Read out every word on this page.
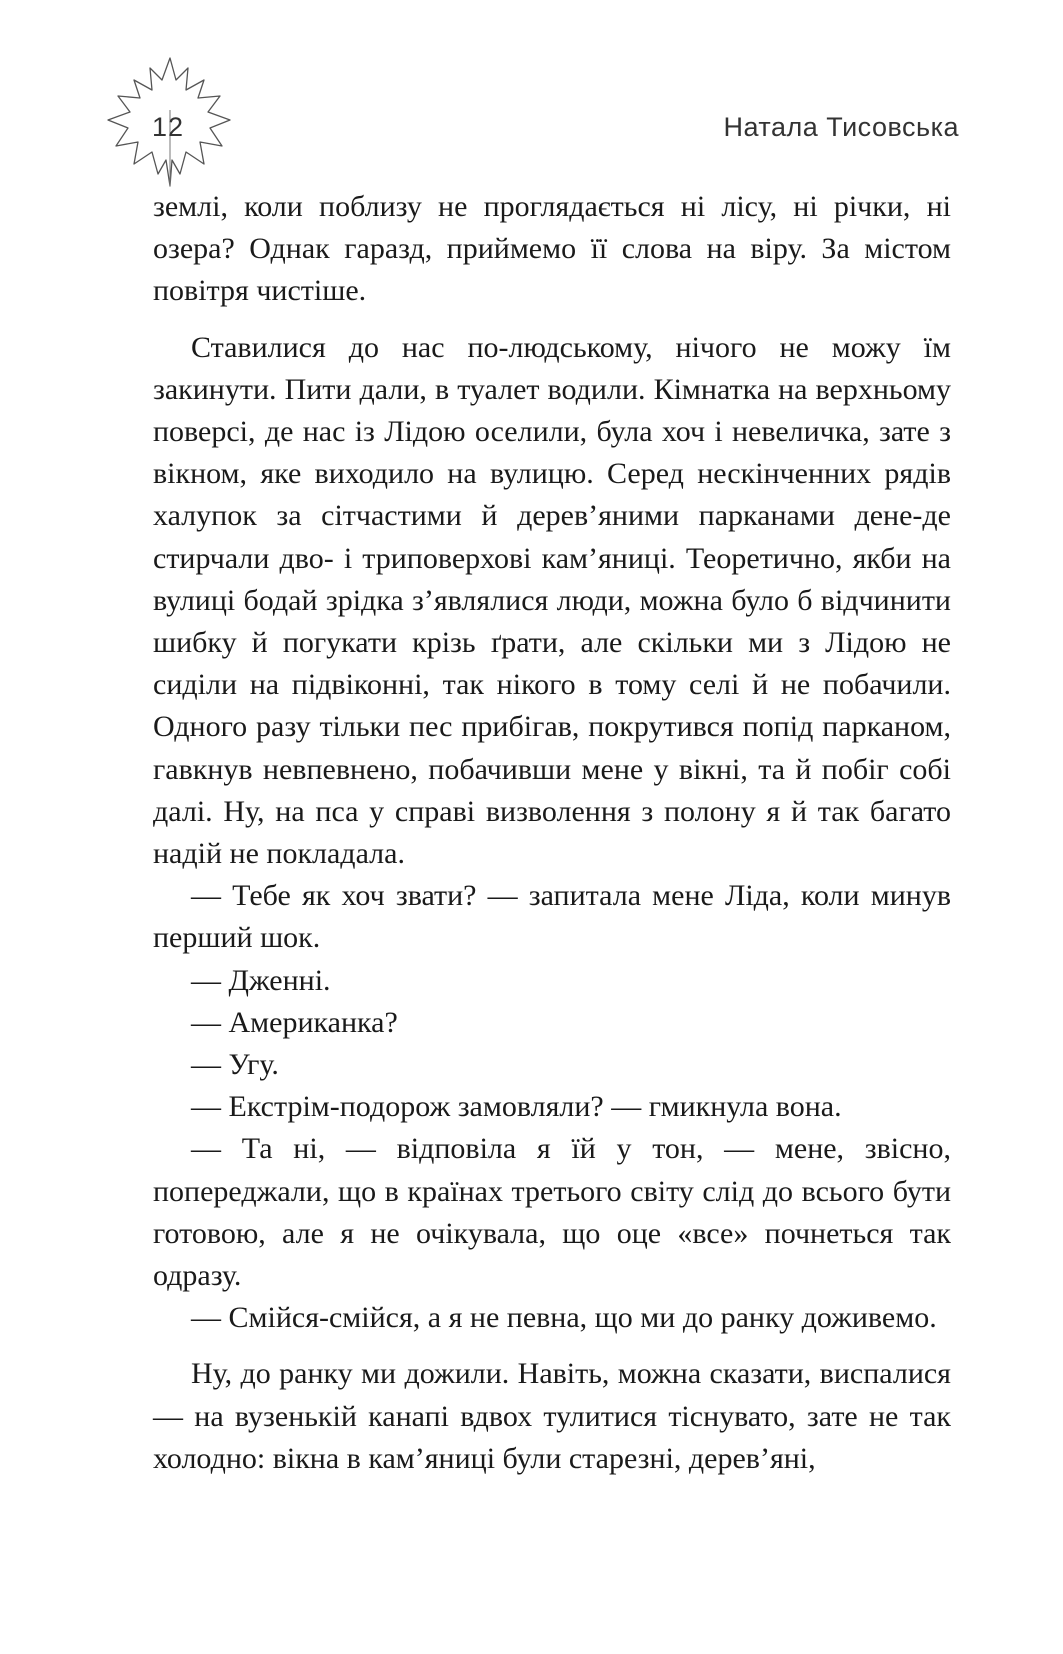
12	Натала Тисовська

землі, коли поблизу не проглядається ні лісу, ні річки, ні озера? Однак гаразд, приймемо її слова на віру. За містом повітря чистіше.

Ставилися до нас по-людському, нічого не можу їм закинути. Пити дали, в туалет водили. Кімнатка на верхньому поверсі, де нас із Лідою оселили, була хоч і невеличка, зате з вікном, яке виходило на вулицю. Серед нескінченних рядів халупок за сітчастими й дерев’яними парканами дене-де стирчали дво- і триповерхові кам’яниці. Теоретично, якби на вулиці бодай зрідка з’являлися люди, можна було б відчинити шибку й погукати крізь ґрати, але скільки ми з Лідою не сиділи на підвіконні, так нікого в тому селі й не побачили. Одного разу тільки пес прибігав, покрутився попід парканом, гавкнув невпевнено, побачивши мене у вікні, та й побіг собі далі. Ну, на пса у справі визволення з полону я й так багато надій не покладала.

— Тебе як хоч звати? — запитала мене Ліда, коли минув перший шок.

— Дженні.

— Американка?

— Угу.

— Екстрім-подорож замовляли? — гмикнула вона.

— Та ні, — відповіла я їй у тон, — мене, звісно, попереджали, що в країнах третього світу слід до всього бути готовою, але я не очікувала, що оце «все» почнеться так одразу.

— Смійся-смійся, а я не певна, що ми до ранку доживемо.

Ну, до ранку ми дожили. Навіть, можна сказати, виспалися — на вузенькій канапі вдвох тулитися тіснувато, зате не так холодно: вікна в кам’яниці були старезні, дерев’яні,
